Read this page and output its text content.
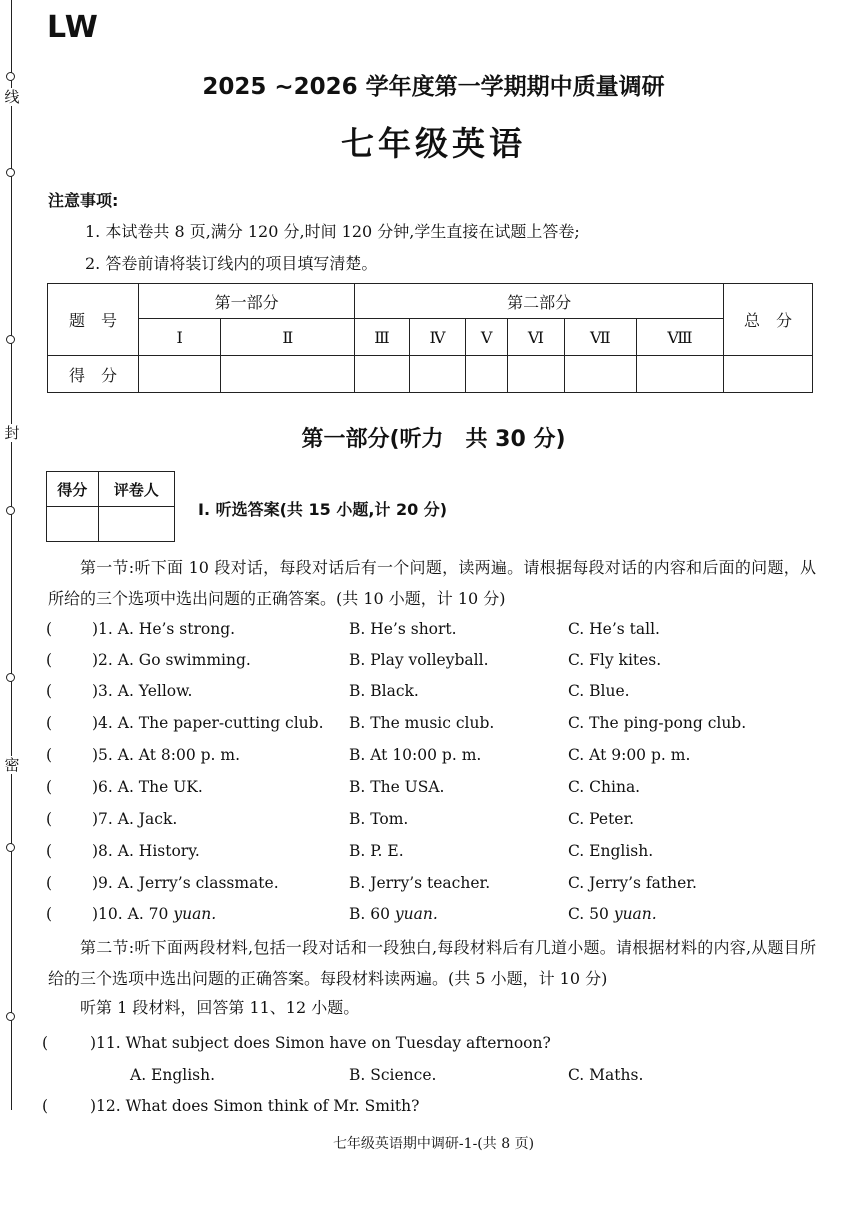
线
封
密
LW
2025 ~2026 学年度第一学期期中质量调研
七年级英语
注意事项:
1. 本试卷共 8 页,满分 120 分,时间 120 分钟,学生直接在试题上答卷;
2. 答卷前请将装订线内的项目填写清楚。
题　号	第一部分		第二部分						总　分
	Ⅰ	Ⅱ	Ⅲ	Ⅳ	Ⅴ	Ⅵ	Ⅶ	Ⅷ	
得　分									
第一部分(听力　共 30 分)
得分	评卷人

Ⅰ. 听选答案(共 15 小题,计 20 分)
第一节:听下面 10 段对话，每段对话后有一个问题，读两遍。请根据每段对话的内容和后面的问题，从所给的三个选项中选出问题的正确答案。(共 10 小题，计 10 分)
(	)1. A. He’s strong.	B. He’s short.	C. He’s tall.
(	)2. A. Go swimming.	B. Play volleyball.	C. Fly kites.
(	)3. A. Yellow.	B. Black.	C. Blue.
(	)4. A. The paper-cutting club. B. The music club.	C. The ping-pong club.
(	)5. A. At 8:00 p. m.	B. At 10:00 p. m.	C. At 9:00 p. m.
(	)6. A. The UK.	B. The USA.	C. China.
(	)7. A. Jack.	B. Tom.	C. Peter.
(	)8. A. History.	B. P. E.	C. English.
(	)9. A. Jerry’s classmate.	B. Jerry’s teacher.	C. Jerry’s father.
(	)10. A. 70 yuan.	B. 60 yuan.	C. 50 yuan.
第二节:听下面两段材料,包括一段对话和一段独白,每段材料后有几道小题。请根据材料的内容,从题目所给的三个选项中选出问题的正确答案。每段材料读两遍。(共 5 小题，计 10 分)
听第 1 段材料，回答第 11、12 小题。
(	)11. What subject does Simon have on Tuesday afternoon?
A. English.	B. Science.	C. Maths.
(	)12. What does Simon think of Mr. Smith?
七年级英语期中调研-1-(共 8 页)
